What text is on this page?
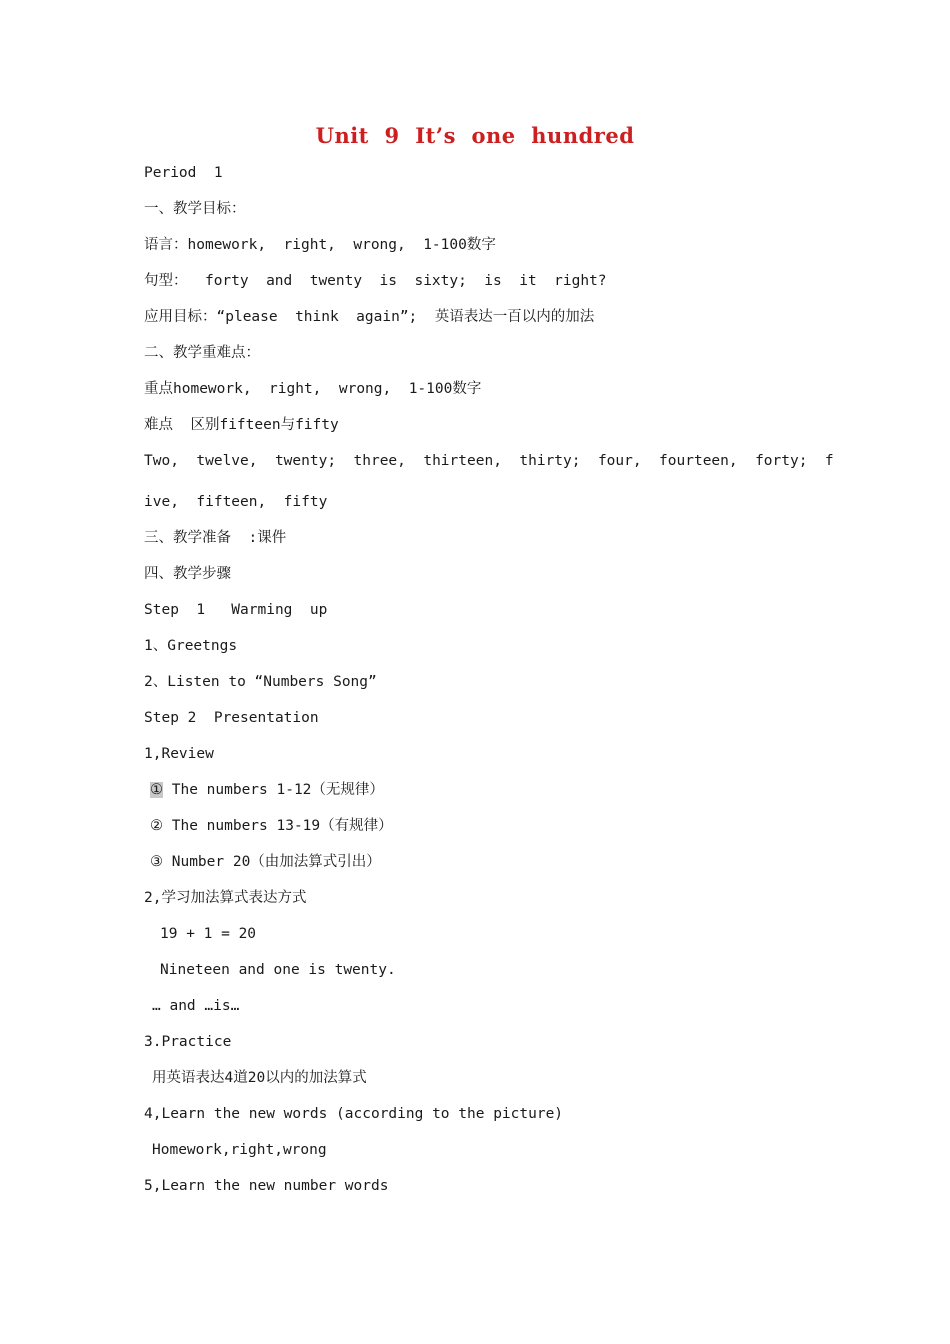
Unit  9  It’s  one  hundred
Period  1
一、教学目标：
语言：homework,  right,  wrong,  1-100数字
句型：  forty  and  twenty  is  sixty;  is  it  right?
应用目标：“please  think  again”;  英语表达一百以内的加法
二、教学重难点：
重点homework,  right,  wrong,  1-100数字
难点  区别fifteen与fifty
Two,  twelve,  twenty;  three,  thirteen,  thirty;  four,  fourteen,  forty;  f
ive,  fifteen,  fifty
三、教学准备  :课件
四、教学步骤
Step  1   Warming  up
1、Greetngs
2、Listen to “Numbers Song”
Step 2  Presentation
1,Review
① The numbers 1-12（无规律）
② The numbers 13-19（有规律）
③ Number 20（由加法算式引出）
2,学习加法算式表达方式
19 + 1 = 20
Nineteen and one is twenty.
… and …is…
3.Practice
用英语表达4道20以内的加法算式
4,Learn the new words (according to the picture)
Homework,right,wrong
5,Learn the new number words
